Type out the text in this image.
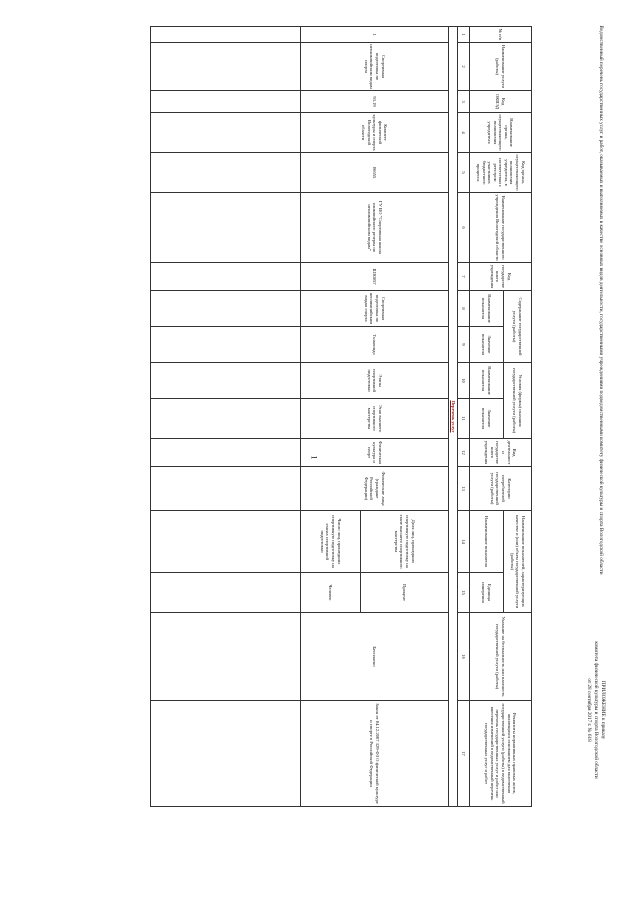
1
ПРИЛОЖЕНИЕ к приказу
комитета физической культуры и спорта Вологодской области
от 28 сентября 2017 г. № 618
Ведомственный перечень государственных услуг и работ, оказываемых и выполняемых в качестве основных видов деятельности, государственными учреждениями подведомственными комитету физической культуры и спорта Вологодской области
№ п/п	Наименование услуги (работы)	Код ОКВЭД	Наименование органа, осуществляющего полномочия учредителя	Код органа, осуществляющего полномочия учредителя, в соответствии с реестром участников бюджетного процесса	Наименование государственного учреждения Вологодской области	Код государственного учреждения	Содержание государственной услуги (работы)		Условия (формы) оказания государственной услуги (работы)		Вид деятельности государственного учреждения	Категории потребителей государственной услуги (работы)	Наименование показателей, характеризующих качество и (или) объем государственной услуги (работы)		Указание на бесплатность или платность государственной услуги (работы)	Реквизиты нормативных правовых актов, являющихся основанием для включения государственной услуги (работы) в ведомственный перечень государственных услуг и работ или внесения изменений в ведомственный перечень государственных услуг и работ
							Наименование показателя	Значение показателя	Наименование показателя	Значение показателя			Наименование показателя	Единица измерения		
1	2	3	4	5	6	7	8	9	10	11	12	13	14	15	16	17
Перечень услуг																
1	Спортивная подготовка по неолимпийским видам спорта	93.19	Комитет физической культуры и спорта Вологодской области	06655	ГУ ВО "Спортивная школа олимпийского резерва по неолимпийским видам"	ШЗ0857	Спортивная подготовка по неолимпийским видам спорта	Тхэквондо	Этапы спортивной подготовки	Этап высшего спортивного мастерства	Физическая культура и спорт	Физические лица (граждане Российской Федерации)	Доля лиц, прошедших спортивную подготовку на этапе высшего спортивного мастерства	Процент	Бесплатно	Закон от 04.12.2007 329-ФЗ О физической культуре и спорте в Российской Федерации
													Число лиц, прошедших спортивную подготовку на этапах спортивной подготовки	Человек		
